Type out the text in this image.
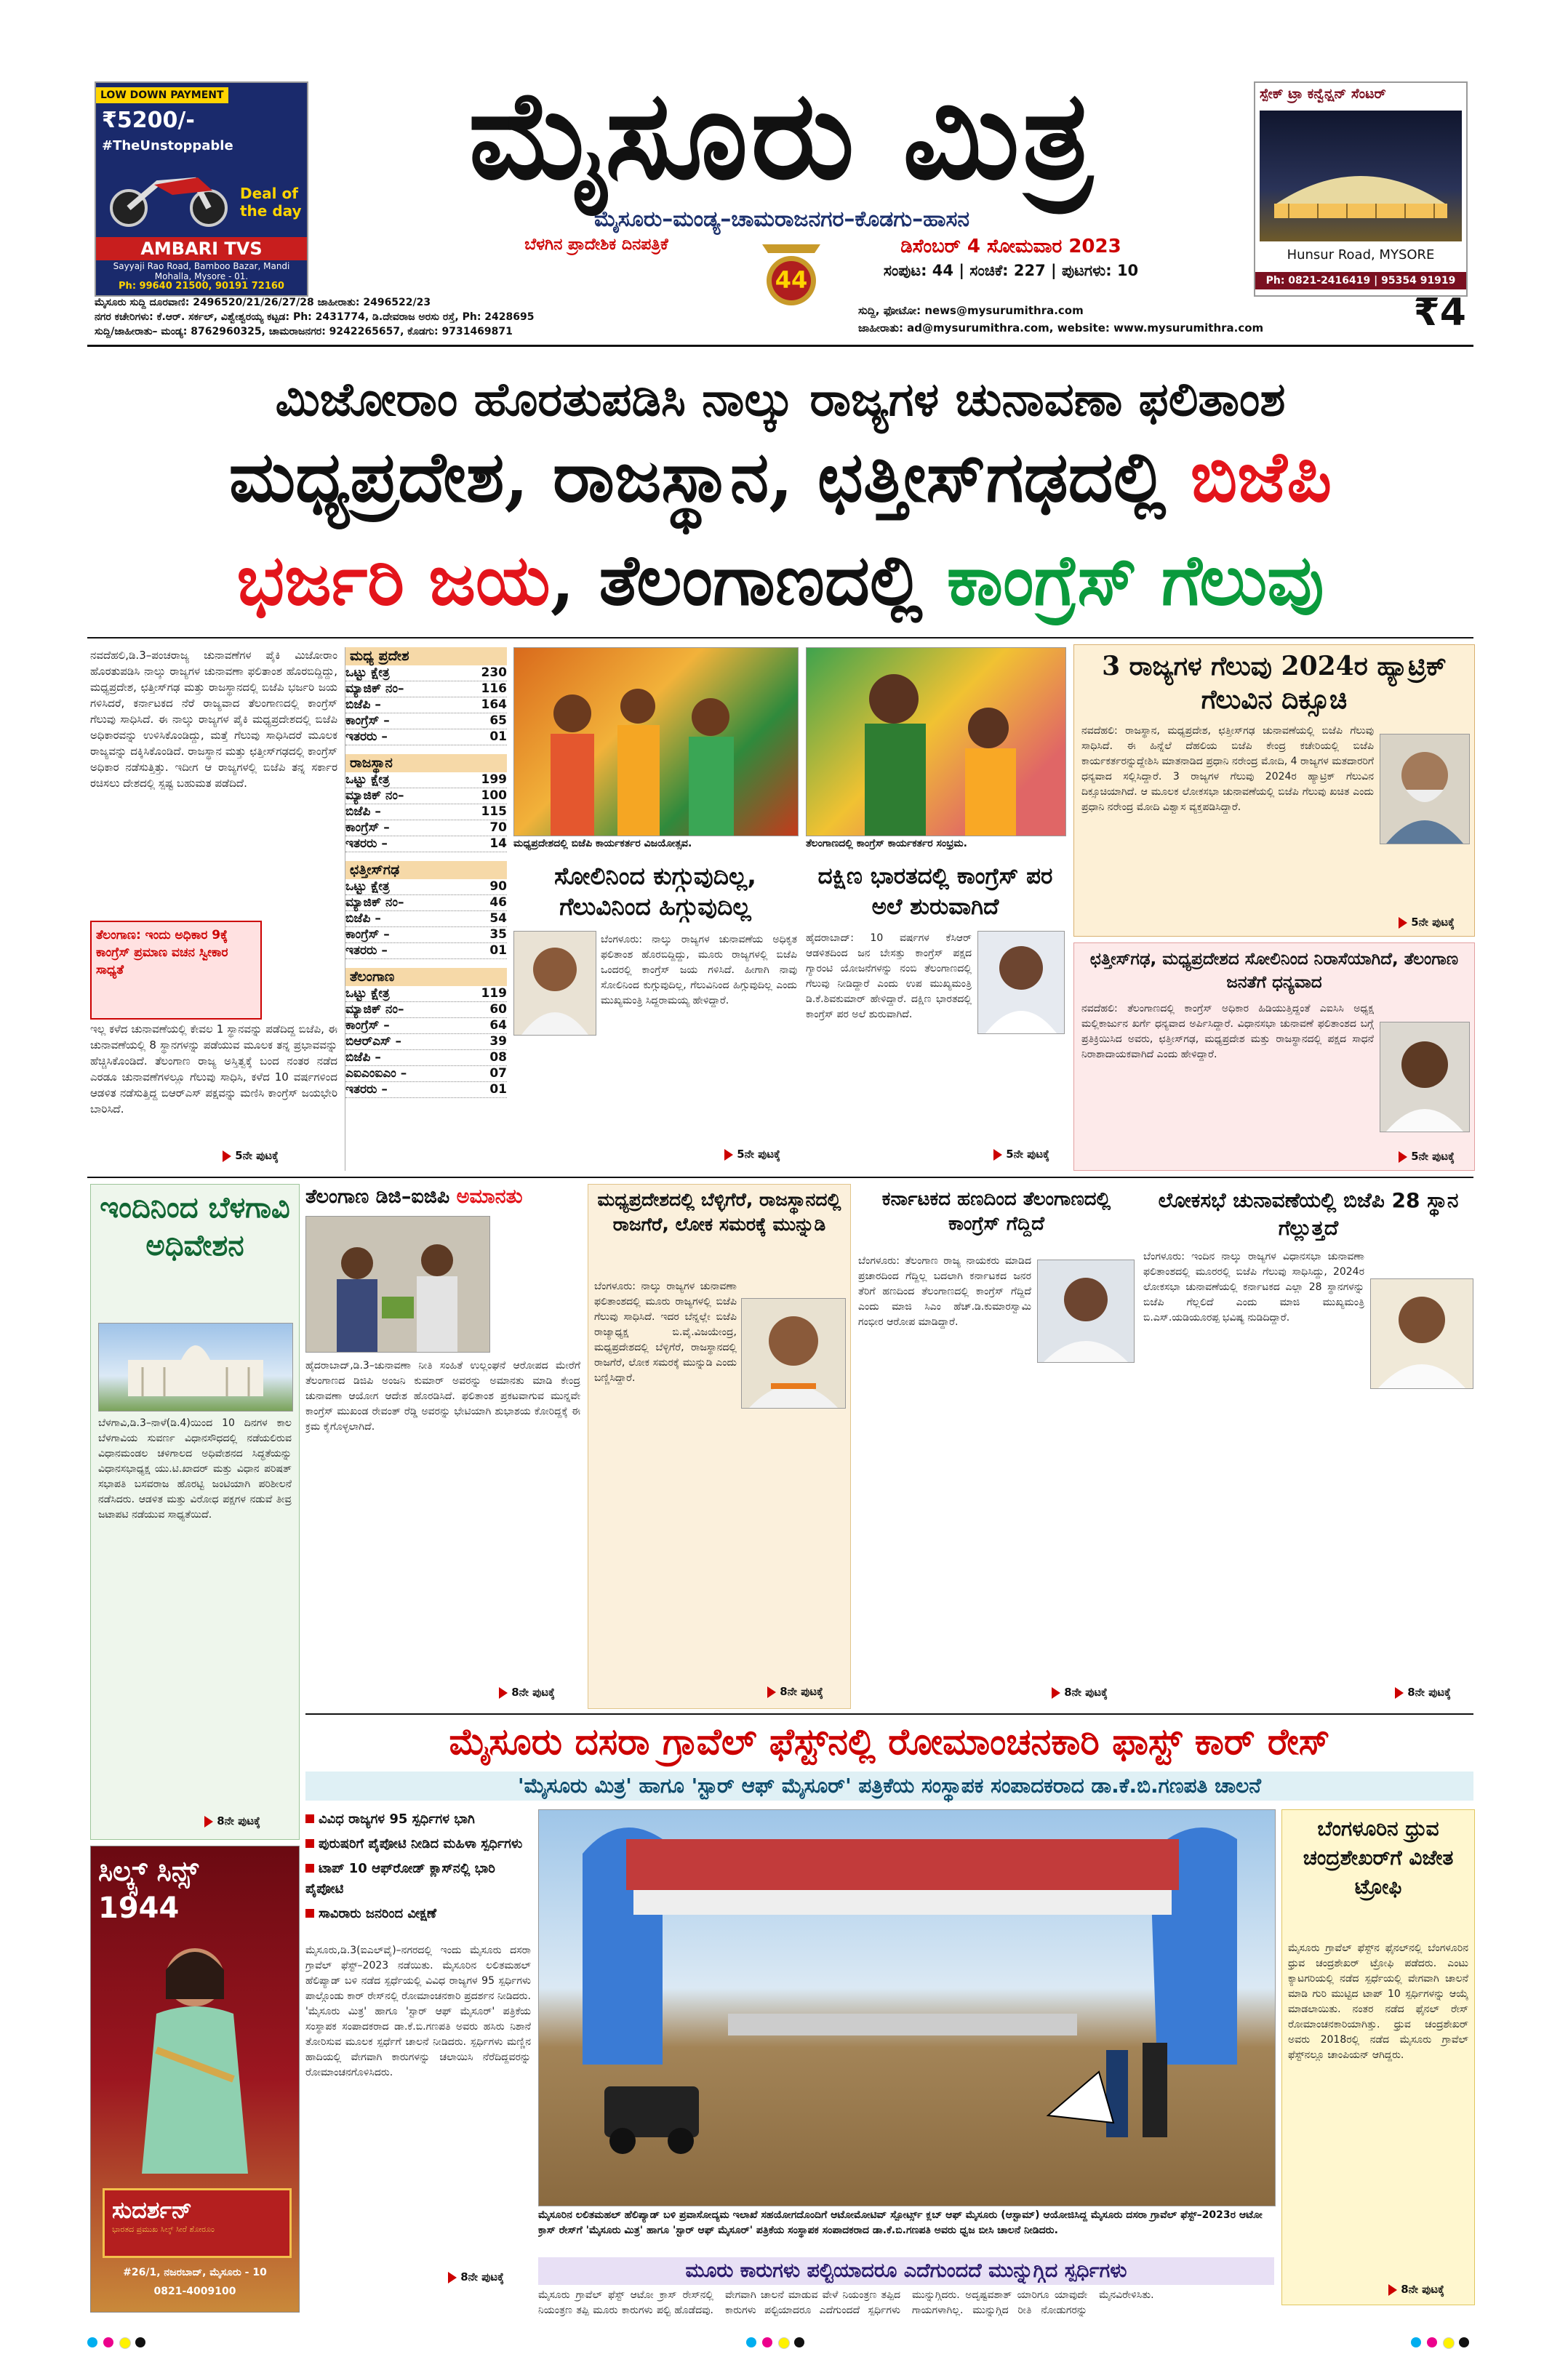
LOW DOWN PAYMENT
₹5200/-
#TheUnstoppable
Deal of the day
AMBARI TVS
Sayyaji Rao Road, Bamboo Bazar, Mandi Mohalla, Mysore - 01.
Ph: 99640 21500, 90191 72160
ಮೈಸೂರು ಮಿತ್ರ
ಮೈಸೂರು–ಮಂಡ್ಯ–ಚಾಮರಾಜನಗರ–ಕೊಡಗು–ಹಾಸನ
ಬೆಳಗಿನ ಪ್ರಾದೇಶಿಕ ದಿನಪತ್ರಿಕೆ
44
ಡಿಸೆಂಬರ್ 4 ಸೋಮವಾರ 2023
ಸಂಪುಟ: 44 | ಸಂಚಿಕೆ: 227 | ಪುಟಗಳು: 10
ಸ್ಪೇಕ್ ಟ್ರಾ ಕನ್ವೆನ್ಷನ್ ಸೆಂಟರ್
Hunsur Road, MYSORE
Ph: 0821-2416419 | 95354 91919
ಮೈಸೂರು ಸುದ್ದಿ ದೂರವಾಣಿ: 2496520/21/26/27/28 ಜಾಹೀರಾತು: 2496522/23
ನಗರ ಕಚೇರಿಗಳು: ಕೆ.ಆರ್. ಸರ್ಕಲ್, ವಿಶ್ವೇಶ್ವರಯ್ಯ ಕಟ್ಟಡ: Ph: 2431774, ಡಿ.ದೇವರಾಜ ಅರಸು ರಸ್ತೆ, Ph: 2428695
ಸುದ್ದಿ/ಜಾಹೀರಾತು– ಮಂಡ್ಯ: 8762960325, ಚಾಮರಾಜನಗರ: 9242265657, ಕೊಡಗು: 9731469871
ಸುದ್ದಿ, ಫೋಟೋ: news@mysurumithra.com
ಜಾಹೀರಾತು: ad@mysurumithra.com, website: www.mysurumithra.com	₹4
ಮಿಜೋರಾಂ ಹೊರತುಪಡಿಸಿ ನಾಲ್ಕು ರಾಜ್ಯಗಳ ಚುನಾವಣಾ ಫಲಿತಾಂಶ
ಮಧ್ಯಪ್ರದೇಶ, ರಾಜಸ್ಥಾನ, ಛತ್ತೀಸ್‌ಗಢದಲ್ಲಿ ಬಿಜೆಪಿ
ಭರ್ಜರಿ ಜಯ, ತೆಲಂಗಾಣದಲ್ಲಿ ಕಾಂಗ್ರೆಸ್ ಗೆಲುವು
ನವದೆಹಲಿ,ಡಿ.3–ಪಂಚರಾಜ್ಯ ಚುನಾವಣೆಗಳ ಪೈಕಿ ಮಿಜೋರಾಂ ಹೊರತುಪಡಿಸಿ ನಾಲ್ಕು ರಾಜ್ಯಗಳ ಚುನಾವಣಾ ಫಲಿತಾಂಶ ಹೊರಬಿದ್ದಿದ್ದು, ಮಧ್ಯಪ್ರದೇಶ, ಛತ್ತೀಸ್‌ಗಢ ಮತ್ತು ರಾಜಸ್ಥಾನದಲ್ಲಿ ಬಿಜೆಪಿ ಭರ್ಜರಿ ಜಯ ಗಳಿಸಿದರೆ, ಕರ್ನಾಟಕದ ನೆರೆ ರಾಜ್ಯವಾದ ತೆಲಂಗಾಣದಲ್ಲಿ ಕಾಂಗ್ರೆಸ್ ಗೆಲುವು ಸಾಧಿಸಿದೆ. ಈ ನಾಲ್ಕು ರಾಜ್ಯಗಳ ಪೈಕಿ ಮಧ್ಯಪ್ರದೇಶದಲ್ಲಿ ಬಿಜೆಪಿ ಅಧಿಕಾರವನ್ನು ಉಳಿಸಿಕೊಂಡಿದ್ದು, ಮತ್ತೆ ಗೆಲುವು ಸಾಧಿಸಿದರೆ ಮೂಲಕ ರಾಜ್ಯವನ್ನು ದಕ್ಕಿಸಿಕೊಂಡಿದೆ. ರಾಜಸ್ಥಾನ ಮತ್ತು ಛತ್ತೀಸ್‌ಗಢದಲ್ಲಿ ಕಾಂಗ್ರೆಸ್ ಅಧಿಕಾರ ನಡೆಸುತ್ತಿತ್ತು. ಇದೀಗ ಆ ರಾಜ್ಯಗಳಲ್ಲಿ ಬಿಜೆಪಿ ತನ್ನ ಸರ್ಕಾರ ರಚಿಸಲು ದೇಶದಲ್ಲಿ ಸ್ಪಷ್ಟ ಬಹುಮತ ಪಡೆದಿದೆ.
ತೆಲಂಗಾಣ: ಇಂದು ಅಧಿಕಾರ 9ಕ್ಕೆ ಕಾಂಗ್ರೆಸ್ ಪ್ರಮಾಣ ವಚನ ಸ್ವೀಕಾರ ಸಾಧ್ಯತೆ
ಇಲ್ಲ ಕಳೆದ ಚುನಾವಣೆಯಲ್ಲಿ ಕೇವಲ 1 ಸ್ಥಾನವನ್ನು ಪಡೆದಿದ್ದ ಬಿಜೆಪಿ, ಈ ಚುನಾವಣೆಯಲ್ಲಿ 8 ಸ್ಥಾನಗಳನ್ನು ಪಡೆಯುವ ಮೂಲಕ ತನ್ನ ಪ್ರಭಾವವನ್ನು ಹೆಚ್ಚಿಸಿಕೊಂಡಿದೆ. ತೆಲಂಗಾಣ ರಾಜ್ಯ ಅಸ್ತಿತ್ವಕ್ಕೆ ಬಂದ ನಂತರ ನಡೆದ ಎರಡೂ ಚುನಾವಣೆಗಳಲ್ಲೂ ಗೆಲುವು ಸಾಧಿಸಿ, ಕಳೆದ 10 ವರ್ಷಗಳಿಂದ ಆಡಳಿತ ನಡೆಸುತ್ತಿದ್ದ ಬಿಆರ್‌ಎಸ್ ಪಕ್ಷವನ್ನು ಮಣಿಸಿ ಕಾಂಗ್ರೆಸ್ ಜಯಭೇರಿ ಬಾರಿಸಿದೆ.
5ನೇ ಪುಟಕ್ಕೆ
ಮಧ್ಯ ಪ್ರದೇಶ
ಒಟ್ಟು ಕ್ಷೇತ್ರ	230
ಮ್ಯಾಜಿಕ್ ನಂ–	116
ಬಿಜೆಪಿ –	164
ಕಾಂಗ್ರೆಸ್ –	65
ಇತರರು –	01
ರಾಜಸ್ಥಾನ
ಒಟ್ಟು ಕ್ಷೇತ್ರ	199
ಮ್ಯಾಜಿಕ್ ನಂ–	100
ಬಿಜೆಪಿ –	115
ಕಾಂಗ್ರೆಸ್ –	70
ಇತರರು –	14
ಛತ್ತೀಸ್‌ಗಢ
ಒಟ್ಟು ಕ್ಷೇತ್ರ	90
ಮ್ಯಾಜಿಕ್ ನಂ–	46
ಬಿಜೆಪಿ –	54
ಕಾಂಗ್ರೆಸ್ –	35
ಇತರರು –	01
ತೆಲಂಗಾಣ
ಒಟ್ಟು ಕ್ಷೇತ್ರ	119
ಮ್ಯಾಜಿಕ್ ನಂ–	60
ಕಾಂಗ್ರೆಸ್ –	64
ಬಿಆರ್‌ಎಸ್ –	39
ಬಿಜೆಪಿ –	08
ಎಐಎಂಐಎಂ –	07
ಇತರರು –	01
ಮಧ್ಯಪ್ರದೇಶದಲ್ಲಿ ಬಿಜೆಪಿ ಕಾರ್ಯಕರ್ತರ ವಿಜಯೋತ್ಸವ.	ತೆಲಂಗಾಣದಲ್ಲಿ ಕಾಂಗ್ರೆಸ್ ಕಾರ್ಯಕರ್ತರ ಸಂಭ್ರಮ.
ಸೋಲಿನಿಂದ ಕುಗ್ಗುವುದಿಲ್ಲ, ಗೆಲುವಿನಿಂದ ಹಿಗ್ಗುವುದಿಲ್ಲ
ಬೆಂಗಳೂರು: ನಾಲ್ಕು ರಾಜ್ಯಗಳ ಚುನಾವಣೆಯ ಅಧಿಕೃತ ಫಲಿತಾಂಶ ಹೊರಬಿದ್ದಿದ್ದು, ಮೂರು ರಾಜ್ಯಗಳಲ್ಲಿ ಬಿಜೆಪಿ ಒಂದರಲ್ಲಿ ಕಾಂಗ್ರೆಸ್ ಜಯ ಗಳಿಸಿದೆ. ಹೀಗಾಗಿ ನಾವು ಸೋಲಿನಿಂದ ಕುಗ್ಗುವುದಿಲ್ಲ, ಗೆಲುವಿನಿಂದ ಹಿಗ್ಗುವುದಿಲ್ಲ ಎಂದು ಮುಖ್ಯಮಂತ್ರಿ ಸಿದ್ದರಾಮಯ್ಯ ಹೇಳಿದ್ದಾರೆ.
5ನೇ ಪುಟಕ್ಕೆ
ದಕ್ಷಿಣ ಭಾರತದಲ್ಲಿ ಕಾಂಗ್ರೆಸ್ ಪರ ಅಲೆ ಶುರುವಾಗಿದೆ
ಹೈದರಾಬಾದ್: 10 ವರ್ಷಗಳ ಕೆಸಿಆರ್ ಆಡಳಿತದಿಂದ ಜನ ಬೇಸತ್ತು ಕಾಂಗ್ರೆಸ್ ಪಕ್ಷದ ಗ್ಯಾರಂಟಿ ಯೋಜನೆಗಳನ್ನು ನಂಬಿ ತೆಲಂಗಾಣದಲ್ಲಿ ಗೆಲುವು ನೀಡಿದ್ದಾರೆ ಎಂದು ಉಪ ಮುಖ್ಯಮಂತ್ರಿ ಡಿ.ಕೆ.ಶಿವಕುಮಾರ್ ಹೇಳಿದ್ದಾರೆ. ದಕ್ಷಿಣ ಭಾರತದಲ್ಲಿ ಕಾಂಗ್ರೆಸ್ ಪರ ಅಲೆ ಶುರುವಾಗಿದೆ.
5ನೇ ಪುಟಕ್ಕೆ
3 ರಾಜ್ಯಗಳ ಗೆಲುವು 2024ರ ಹ್ಯಾಟ್ರಿಕ್ ಗೆಲುವಿನ ದಿಕ್ಸೂಚಿ
ನವದೆಹಲಿ: ರಾಜಸ್ಥಾನ, ಮಧ್ಯಪ್ರದೇಶ, ಛತ್ತೀಸ್‌ಗಢ ಚುನಾವಣೆಯಲ್ಲಿ ಬಿಜೆಪಿ ಗೆಲುವು ಸಾಧಿಸಿದೆ. ಈ ಹಿನ್ನೆಲೆ ದೆಹಲಿಯ ಬಿಜೆಪಿ ಕೇಂದ್ರ ಕಚೇರಿಯಲ್ಲಿ ಬಿಜೆಪಿ ಕಾರ್ಯಕರ್ತರನ್ನುದ್ದೇಶಿಸಿ ಮಾತನಾಡಿದ ಪ್ರಧಾನಿ ನರೇಂದ್ರ ಮೋದಿ, 4 ರಾಜ್ಯಗಳ ಮತದಾರರಿಗೆ ಧನ್ಯವಾದ ಸಲ್ಲಿಸಿದ್ದಾರೆ. 3 ರಾಜ್ಯಗಳ ಗೆಲುವು 2024ರ ಹ್ಯಾಟ್ರಿಕ್ ಗೆಲುವಿನ ದಿಕ್ಸೂಚಿಯಾಗಿದೆ. ಆ ಮೂಲಕ ಲೋಕಸಭಾ ಚುನಾವಣೆಯಲ್ಲಿ ಬಿಜೆಪಿ ಗೆಲುವು ಖಚಿತ ಎಂದು ಪ್ರಧಾನಿ ನರೇಂದ್ರ ಮೋದಿ ವಿಶ್ವಾಸ ವ್ಯಕ್ತಪಡಿಸಿದ್ದಾರೆ.
5ನೇ ಪುಟಕ್ಕೆ
ಛತ್ತೀಸ್‌ಗಢ, ಮಧ್ಯಪ್ರದೇಶದ ಸೋಲಿನಿಂದ ನಿರಾಸೆಯಾಗಿದೆ, ತೆಲಂಗಾಣ ಜನತೆಗೆ ಧನ್ಯವಾದ
ನವದೆಹಲಿ: ತೆಲಂಗಾಣದಲ್ಲಿ ಕಾಂಗ್ರೆಸ್ ಅಧಿಕಾರ ಹಿಡಿಯುತ್ತಿದ್ದಂತೆ ಎಐಸಿಸಿ ಅಧ್ಯಕ್ಷ ಮಲ್ಲಿಕಾರ್ಜುನ ಖರ್ಗೆ ಧನ್ಯವಾದ ಅರ್ಪಿಸಿದ್ದಾರೆ. ವಿಧಾನಸಭಾ ಚುನಾವಣೆ ಫಲಿತಾಂಶದ ಬಗ್ಗೆ ಪ್ರತಿಕ್ರಿಯಿಸಿದ ಅವರು, ಛತ್ತೀಸ್‌ಗಢ, ಮಧ್ಯಪ್ರದೇಶ ಮತ್ತು ರಾಜಸ್ಥಾನದಲ್ಲಿ ಪಕ್ಷದ ಸಾಧನೆ ನಿರಾಶಾದಾಯಕವಾಗಿದೆ ಎಂದು ಹೇಳಿದ್ದಾರೆ.
5ನೇ ಪುಟಕ್ಕೆ
ಇಂದಿನಿಂದ ಬೆಳಗಾವಿ ಅಧಿವೇಶನ
ಬೆಳಗಾವಿ,ಡಿ.3–ನಾಳೆ(ಡಿ.4)ಯಿಂದ 10 ದಿನಗಳ ಕಾಲ ಬೆಳಗಾವಿಯ ಸುವರ್ಣ ವಿಧಾನಸೌಧದಲ್ಲಿ ನಡೆಯಲಿರುವ ವಿಧಾನಮಂಡಲ ಚಳಿಗಾಲದ ಅಧಿವೇಶನದ ಸಿದ್ಧತೆಯನ್ನು ವಿಧಾನಸಭಾಧ್ಯಕ್ಷ ಯು.ಟಿ.ಖಾದರ್ ಮತ್ತು ವಿಧಾನ ಪರಿಷತ್ ಸಭಾಪತಿ ಬಸವರಾಜ ಹೊರಟ್ಟಿ ಜಂಟಿಯಾಗಿ ಪರಿಶೀಲನೆ ನಡೆಸಿದರು. ಆಡಳಿತ ಮತ್ತು ವಿರೋಧ ಪಕ್ಷಗಳ ನಡುವೆ ತೀವ್ರ ಜಟಾಪಟಿ ನಡೆಯುವ ಸಾಧ್ಯತೆಯಿದೆ.
8ನೇ ಪುಟಕ್ಕೆ
ತೆಲಂಗಾಣ ಡಿಜಿ–ಐಜಿಪಿ ಅಮಾನತು
ಹೈದರಾಬಾದ್,ಡಿ.3–ಚುನಾವಣಾ ನೀತಿ ಸಂಹಿತೆ ಉಲ್ಲಂಘನೆ ಆರೋಪದ ಮೇರೆಗೆ ತೆಲಂಗಾಣದ ಡಿಜಿಪಿ ಅಂಜನಿ ಕುಮಾರ್ ಅವರನ್ನು ಅಮಾನತು ಮಾಡಿ ಕೇಂದ್ರ ಚುನಾವಣಾ ಆಯೋಗ ಆದೇಶ ಹೊರಡಿಸಿದೆ. ಫಲಿತಾಂಶ ಪ್ರಕಟವಾಗುವ ಮುನ್ನವೇ ಕಾಂಗ್ರೆಸ್ ಮುಖಂಡ ರೇವಂತ್ ರೆಡ್ಡಿ ಅವರನ್ನು ಭೇಟಿಯಾಗಿ ಶುಭಾಶಯ ಕೋರಿದ್ದಕ್ಕೆ ಈ ಕ್ರಮ ಕೈಗೊಳ್ಳಲಾಗಿದೆ.
8ನೇ ಪುಟಕ್ಕೆ
ಮಧ್ಯಪ್ರದೇಶದಲ್ಲಿ ಬೆಳ್ಳಿಗೆರೆ, ರಾಜಸ್ಥಾನದಲ್ಲಿ ರಾಜಗೆರೆ, ಲೋಕ ಸಮರಕ್ಕೆ ಮುನ್ನುಡಿ
ಬೆಂಗಳೂರು: ನಾಲ್ಕು ರಾಜ್ಯಗಳ ಚುನಾವಣಾ ಫಲಿತಾಂಶದಲ್ಲಿ ಮೂರು ರಾಜ್ಯಗಳಲ್ಲಿ ಬಿಜೆಪಿ ಗೆಲುವು ಸಾಧಿಸಿದೆ. ಇದರ ಬೆನ್ನಲ್ಲೇ ಬಿಜೆಪಿ ರಾಜ್ಯಾಧ್ಯಕ್ಷ ಬಿ.ವೈ.ವಿಜಯೇಂದ್ರ, ಮಧ್ಯಪ್ರದೇಶದಲ್ಲಿ ಬೆಳ್ಳಿಗೆರೆ, ರಾಜಸ್ಥಾನದಲ್ಲಿ ರಾಜಗೆರೆ, ಲೋಕ ಸಮರಕ್ಕೆ ಮುನ್ನುಡಿ ಎಂದು ಬಣ್ಣಿಸಿದ್ದಾರೆ.
8ನೇ ಪುಟಕ್ಕೆ
ಕರ್ನಾಟಕದ ಹಣದಿಂದ ತೆಲಂಗಾಣದಲ್ಲಿ ಕಾಂಗ್ರೆಸ್ ಗೆದ್ದಿದೆ
ಬೆಂಗಳೂರು: ತೆಲಂಗಾಣ ರಾಜ್ಯ ನಾಯಕರು ಮಾಡಿದ ಪ್ರಚಾರದಿಂದ ಗೆದ್ದಿಲ್ಲ ಬದಲಾಗಿ ಕರ್ನಾಟಕದ ಜನರ ತೆರಿಗೆ ಹಣದಿಂದ ತೆಲಂಗಾಣದಲ್ಲಿ ಕಾಂಗ್ರೆಸ್ ಗೆದ್ದಿದೆ ಎಂದು ಮಾಜಿ ಸಿಎಂ ಹೆಚ್.ಡಿ.ಕುಮಾರಸ್ವಾಮಿ ಗಂಭೀರ ಆರೋಪ ಮಾಡಿದ್ದಾರೆ.
8ನೇ ಪುಟಕ್ಕೆ
ಲೋಕಸಭೆ ಚುನಾವಣೆಯಲ್ಲಿ ಬಿಜೆಪಿ 28 ಸ್ಥಾನ ಗೆಲ್ಲುತ್ತದೆ
ಬೆಂಗಳೂರು: ಇಂದಿನ ನಾಲ್ಕು ರಾಜ್ಯಗಳ ವಿಧಾನಸಭಾ ಚುನಾವಣಾ ಫಲಿತಾಂಶದಲ್ಲಿ ಮೂರರಲ್ಲಿ ಬಿಜೆಪಿ ಗೆಲುವು ಸಾಧಿಸಿದ್ದು, 2024ರ ಲೋಕಸಭಾ ಚುನಾವಣೆಯಲ್ಲಿ ಕರ್ನಾಟಕದ ಎಲ್ಲಾ 28 ಸ್ಥಾನಗಳನ್ನು ಬಿಜೆಪಿ ಗೆಲ್ಲಲಿದೆ ಎಂದು ಮಾಜಿ ಮುಖ್ಯಮಂತ್ರಿ ಬಿ.ಎಸ್.ಯಡಿಯೂರಪ್ಪ ಭವಿಷ್ಯ ನುಡಿದಿದ್ದಾರೆ.
8ನೇ ಪುಟಕ್ಕೆ
ಮೈಸೂರು ದಸರಾ ಗ್ರಾವೆಲ್ ಫೆಸ್ಟ್‌ನಲ್ಲಿ ರೋಮಾಂಚನಕಾರಿ ಫಾಸ್ಟ್ ಕಾರ್ ರೇಸ್
'ಮೈಸೂರು ಮಿತ್ರ' ಹಾಗೂ 'ಸ್ಟಾರ್ ಆಫ್ ಮೈಸೂರ್' ಪತ್ರಿಕೆಯ ಸಂಸ್ಥಾಪಕ ಸಂಪಾದಕರಾದ ಡಾ.ಕೆ.ಬಿ.ಗಣಪತಿ ಚಾಲನೆ
ಸಿಲ್ಕ್ಸ್ ಸಿನ್ಸ್
1944
ಸುದರ್ಶನ್
ಭಾರತದ ಪ್ರಮುಖ ಸಿಲ್ಕ್ ಸೀರೆ ಶೋರೂಂ
#26/1, ನಜರಬಾದ್, ಮೈಸೂರು - 10
0821-4009100
ವಿವಿಧ ರಾಜ್ಯಗಳ 95 ಸ್ಪರ್ಧಿಗಳ ಭಾಗಿ
ಪುರುಷರಿಗೆ ಪೈಪೋಟಿ ನೀಡಿದ ಮಹಿಳಾ ಸ್ಪರ್ಧಿಗಳು
ಟಾಪ್ 10 ಆಫ್‌ರೋಡ್ ಕ್ಲಾಸ್‌ನಲ್ಲಿ ಭಾರಿ ಪೈಪೋಟಿ
ಸಾವಿರಾರು ಜನರಿಂದ ವೀಕ್ಷಣೆ
ಮೈಸೂರು,ಡಿ.3(ಐಎಲ್‌ವೈ)–ನಗರದಲ್ಲಿ ಇಂದು ಮೈಸೂರು ದಸರಾ ಗ್ರಾವೆಲ್ ಫೆಸ್ಟ್–2023 ನಡೆಯಿತು. ಮೈಸೂರಿನ ಲಲಿತಮಹಲ್ ಹೆಲಿಪ್ಯಾಡ್ ಬಳಿ ನಡೆದ ಸ್ಪರ್ಧೆಯಲ್ಲಿ ವಿವಿಧ ರಾಜ್ಯಗಳ 95 ಸ್ಪರ್ಧಿಗಳು ಪಾಲ್ಗೊಂಡು ಕಾರ್ ರೇಸ್‌ನಲ್ಲಿ ರೋಮಾಂಚನಕಾರಿ ಪ್ರದರ್ಶನ ನೀಡಿದರು. 'ಮೈಸೂರು ಮಿತ್ರ' ಹಾಗೂ 'ಸ್ಟಾರ್ ಆಫ್ ಮೈಸೂರ್' ಪತ್ರಿಕೆಯ ಸಂಸ್ಥಾಪಕ ಸಂಪಾದಕರಾದ ಡಾ.ಕೆ.ಬಿ.ಗಣಪತಿ ಅವರು ಹಸಿರು ನಿಶಾನೆ ತೋರಿಸುವ ಮೂಲಕ ಸ್ಪರ್ಧೆಗೆ ಚಾಲನೆ ನೀಡಿದರು. ಸ್ಪರ್ಧಿಗಳು ಮಣ್ಣಿನ ಹಾದಿಯಲ್ಲಿ ವೇಗವಾಗಿ ಕಾರುಗಳನ್ನು ಚಲಾಯಿಸಿ ನೆರೆದಿದ್ದವರನ್ನು ರೋಮಾಂಚನಗೊಳಿಸಿದರು.
8ನೇ ಪುಟಕ್ಕೆ
ಮೈಸೂರಿನ ಲಲಿತಮಹಲ್ ಹೆಲಿಪ್ಯಾಡ್ ಬಳಿ ಪ್ರವಾಸೋದ್ಯಮ ಇಲಾಖೆ ಸಹಯೋಗದೊಂದಿಗೆ ಆಟೋಮೋಟಿವ್ ಸ್ಪೋರ್ಟ್ಸ್ ಕ್ಲಬ್ ಆಫ್ ಮೈಸೂರು (ಆಸ್ಟಾಮ್) ಆಯೋಜಿಸಿದ್ದ ಮೈಸೂರು ದಸರಾ ಗ್ರಾವೆಲ್ ಫೆಸ್ಟ್–2023ರ ಆಟೋ ಕ್ರಾಸ್ ರೇಸ್‌ಗೆ 'ಮೈಸೂರು ಮಿತ್ರ' ಹಾಗೂ 'ಸ್ಟಾರ್ ಆಫ್ ಮೈಸೂರ್' ಪತ್ರಿಕೆಯ ಸಂಸ್ಥಾಪಕ ಸಂಪಾದಕರಾದ ಡಾ.ಕೆ.ಬಿ.ಗಣಪತಿ ಅವರು ಧ್ವಜ ಬೀಸಿ ಚಾಲನೆ ನೀಡಿದರು.
ಮೂರು ಕಾರುಗಳು ಪಲ್ಟಿಯಾದರೂ ಎದೆಗುಂದದೆ ಮುನ್ನುಗ್ಗಿದ ಸ್ಪರ್ಧಿಗಳು
ಮೈಸೂರು ಗ್ರಾವೆಲ್ ಫೆಸ್ಟ್ ಆಟೋ ಕ್ರಾಸ್ ರೇಸ್‌ನಲ್ಲಿ ನಿಯಂತ್ರಣ ತಪ್ಪಿ ಮೂರು ಕಾರುಗಳು ಪಲ್ಟಿ ಹೊಡೆದವು. ವೇಗವಾಗಿ ಚಾಲನೆ ಮಾಡುವ ವೇಳೆ ನಿಯಂತ್ರಣ ತಪ್ಪಿದ ಕಾರುಗಳು ಪಲ್ಟಿಯಾದರೂ ಎದೆಗುಂದದೆ ಸ್ಪರ್ಧಿಗಳು ಮುನ್ನುಗ್ಗಿದರು. ಅದೃಷ್ಟವಶಾತ್ ಯಾರಿಗೂ ಯಾವುದೇ ಗಾಯಗಳಾಗಿಲ್ಲ. ಮುನ್ನುಗ್ಗಿದ ರೀತಿ ನೋಡುಗರನ್ನು ಮೈನವಿರೇಳಿಸಿತು.
ಬೆಂಗಳೂರಿನ ಧ್ರುವ ಚಂದ್ರಶೇಖರ್‌ಗೆ ವಿಜೇತ ಟ್ರೋಫಿ
ಮೈಸೂರು ಗ್ರಾವೆಲ್ ಫೆಸ್ಟ್‌ನ ಫೈನಲ್‌ನಲ್ಲಿ ಬೆಂಗಳೂರಿನ ಧ್ರುವ ಚಂದ್ರಶೇಖರ್ ಟ್ರೋಫಿ ಪಡೆದರು. ಎಂಟು ಕ್ಯಾಟಗರಿಯಲ್ಲಿ ನಡೆದ ಸ್ಪರ್ಧೆಯಲ್ಲಿ ವೇಗವಾಗಿ ಚಾಲನೆ ಮಾಡಿ ಗುರಿ ಮುಟ್ಟಿದ ಟಾಪ್ 10 ಸ್ಪರ್ಧಿಗಳನ್ನು ಆಯ್ಕೆ ಮಾಡಲಾಯಿತು. ನಂತರ ನಡೆದ ಫೈನಲ್ ರೇಸ್ ರೋಮಾಂಚನಕಾರಿಯಾಗಿತ್ತು. ಧ್ರುವ ಚಂದ್ರಶೇಖರ್ ಅವರು 2018ರಲ್ಲಿ ನಡೆದ ಮೈಸೂರು ಗ್ರಾವೆಲ್ ಫೆಸ್ಟ್‌ನಲ್ಲೂ ಚಾಂಪಿಯನ್ ಆಗಿದ್ದರು.
8ನೇ ಪುಟಕ್ಕೆ
